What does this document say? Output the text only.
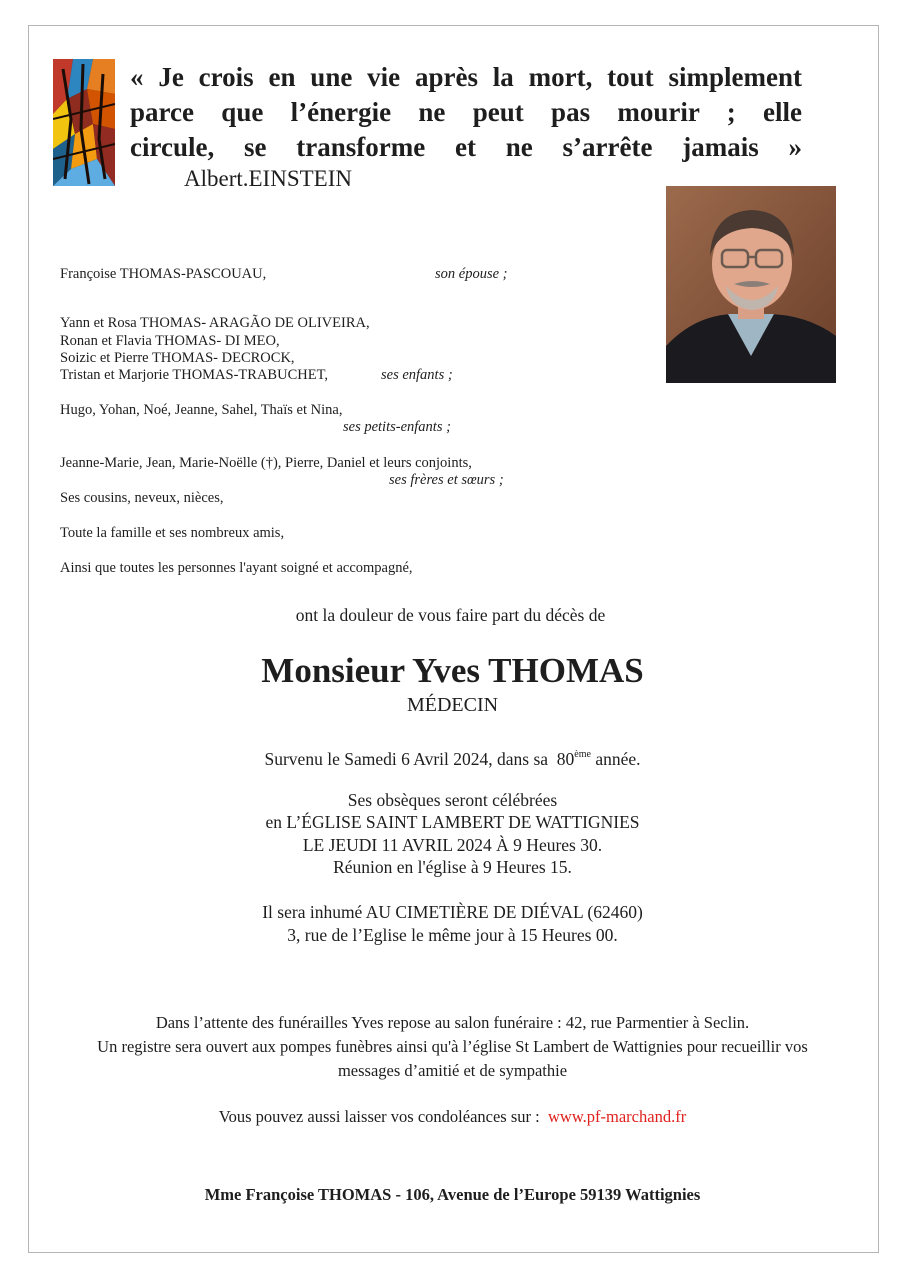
« Je crois en une vie après la mort, tout simplement
parce que l’énergie ne peut pas mourir ; elle
circule, se transforme et ne s’arrête jamais »

Albert.EINSTEIN
Françoise THOMAS-PASCOUAU,	son épouse ;
Yann et Rosa THOMAS- ARAGÃO DE OLIVEIRA,
Ronan et Flavia THOMAS- DI MEO,
Soizic et Pierre THOMAS- DECROCK,
Tristan et Marjorie THOMAS-TRABUCHET,	ses enfants ;
Hugo, Yohan, Noé, Jeanne, Sahel, Thaïs et Nina,
ses petits-enfants ;
Jeanne-Marie, Jean, Marie-Noëlle (†), Pierre, Daniel et leurs conjoints,
ses frères et sœurs ;
Ses cousins, neveux, nièces,
Toute la famille et ses nombreux amis,
Ainsi que toutes les personnes l'ayant soigné et accompagné,
ont la douleur de vous faire part du décès de
Monsieur Yves THOMAS
MÉDECIN
Survenu le Samedi 6 Avril 2024, dans sa 80ème année.
Ses obsèques seront célébrées
en L’ÉGLISE SAINT LAMBERT DE WATTIGNIES
LE JEUDI 11 AVRIL 2024 À 9 Heures 30.
Réunion en l'église à 9 Heures 15.
Il sera inhumé AU CIMETIÈRE DE DIÉVAL (62460)
3, rue de l’Eglise le même jour à 15 Heures 00.
Dans l’attente des funérailles Yves repose au salon funéraire : 42, rue Parmentier à Seclin.
Un registre sera ouvert aux pompes funèbres ainsi qu'à l’église St Lambert de Wattignies pour recueillir vos
messages d’amitié et de sympathie
Vous pouvez aussi laisser vos condoléances sur : www.pf-marchand.fr
Mme Françoise THOMAS - 106, Avenue de l’Europe 59139 Wattignies
